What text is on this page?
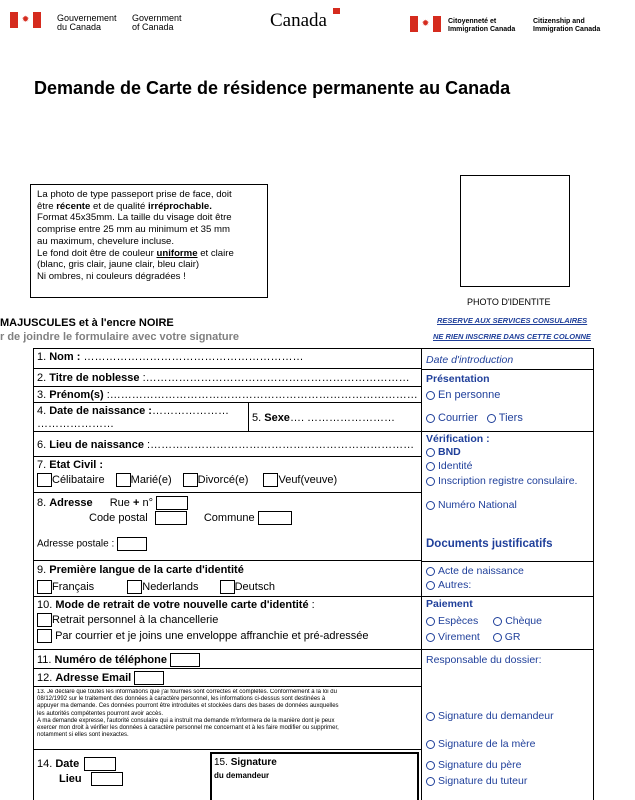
✹	Gouvernement
du Canada
Government
of Canada	Canada	✹	Citoyenneté et
Immigration Canada
Citizenship and
Immigration Canada
Demande de Carte de résidence permanente au Canada
La photo de type passeport prise de face, doit
être récente et de qualité irréprochable.
Format 45x35mm. La taille du visage doit être
comprise entre 25 mm au minimum et 35 mm
au maximum, chevelure incluse.
Le fond doit être de couleur uniforme et claire
(blanc, gris clair, jaune clair, bleu clair)
Ni ombres, ni couleurs dégradées !
PHOTO D'IDENTITE
MAJUSCULES et à l'encre NOIRE
r de joindre le formulaire avec votre signature
RESERVE AUX SERVICES CONSULAIRES
NE RIEN INSCRIRE DANS CETTE COLONNE
1. Nom : ……………………………………………………
2. Titre de noblesse :………………………………………………………………
3. Prénom(s) :…………………………………………………………………………
4. Date de naissance :…………………
…………………	5. Sexe…. ……………………
6. Lieu de naissance :………………………………………………………………
7. Etat Civil :
Célibataire Marié(e) Divorcé(e)	Veuf(veuve)
8. Adresse Rue + n°
Code postal	Commune
Adresse postale :
9. Première langue de la carte d'identité
Français	Nederlands	Deutsch
10. Mode de retrait de votre nouvelle carte d'identité :
Retrait personnel à la chancellerie
Par courrier et je joins une enveloppe affranchie et pré-adressée
11. Numéro de téléphone
12. Adresse Email
13. Je déclare que toutes les informations que j'ai fournies sont correctes et complètes. Conformément à la loi du
08/12/1992 sur le traitement des données à caractère personnel, les informations ci-dessus sont destinées à
appuyer ma demande. Ces données pourront être introduites et stockées dans des bases de données auxquelles
les autorités compétentes pourront avoir accès.
A ma demande expresse, l'autorité consulaire qui a instruit ma demande m'informera de la manière dont je peux
exercer mon droit à vérifier les données à caractère personnel me concernant et à les faire modifier ou supprimer,
notamment si elles sont inexactes.
14. Date
Lieu
15. Signature
du demandeur
Date d'introduction
Présentation
En personne
Courrier Tiers
Vérification :
BND
Identité
Inscription registre consulaire.
Numéro National
Documents justificatifs
Acte de naissance
Autres:
Paiement
Espèces	Chèque
Virement GR
Responsable du dossier:
Signature du demandeur
Signature de la mère
Signature du père
Signature du tuteur
